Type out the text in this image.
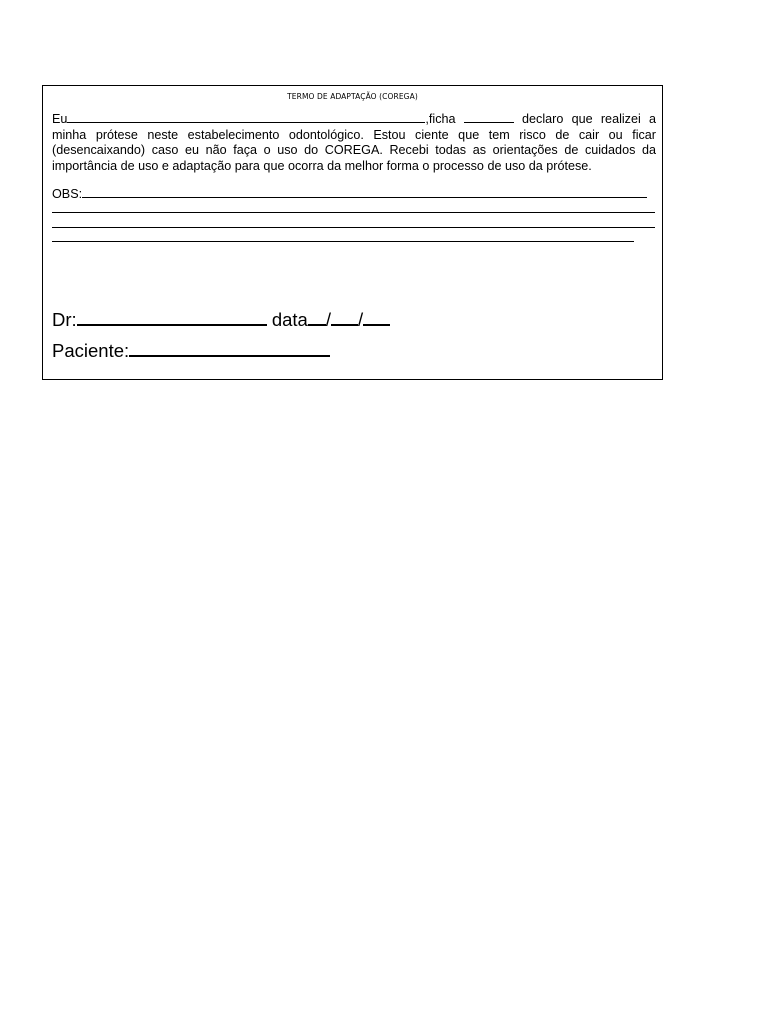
TERMO DE ADAPTAÇÃO (COREGA)

Eu	,ficha	declaro que realizei a minha prótese neste estabelecimento odontológico. Estou ciente que tem risco de cair ou ficar (desencaixando) caso eu não faça o uso do COREGA. Recebi todas as orientações de cuidados da importância de uso e adaptação para que ocorra da melhor forma o processo de uso da prótese.

OBS:
Dr:	data / /
Paciente:
